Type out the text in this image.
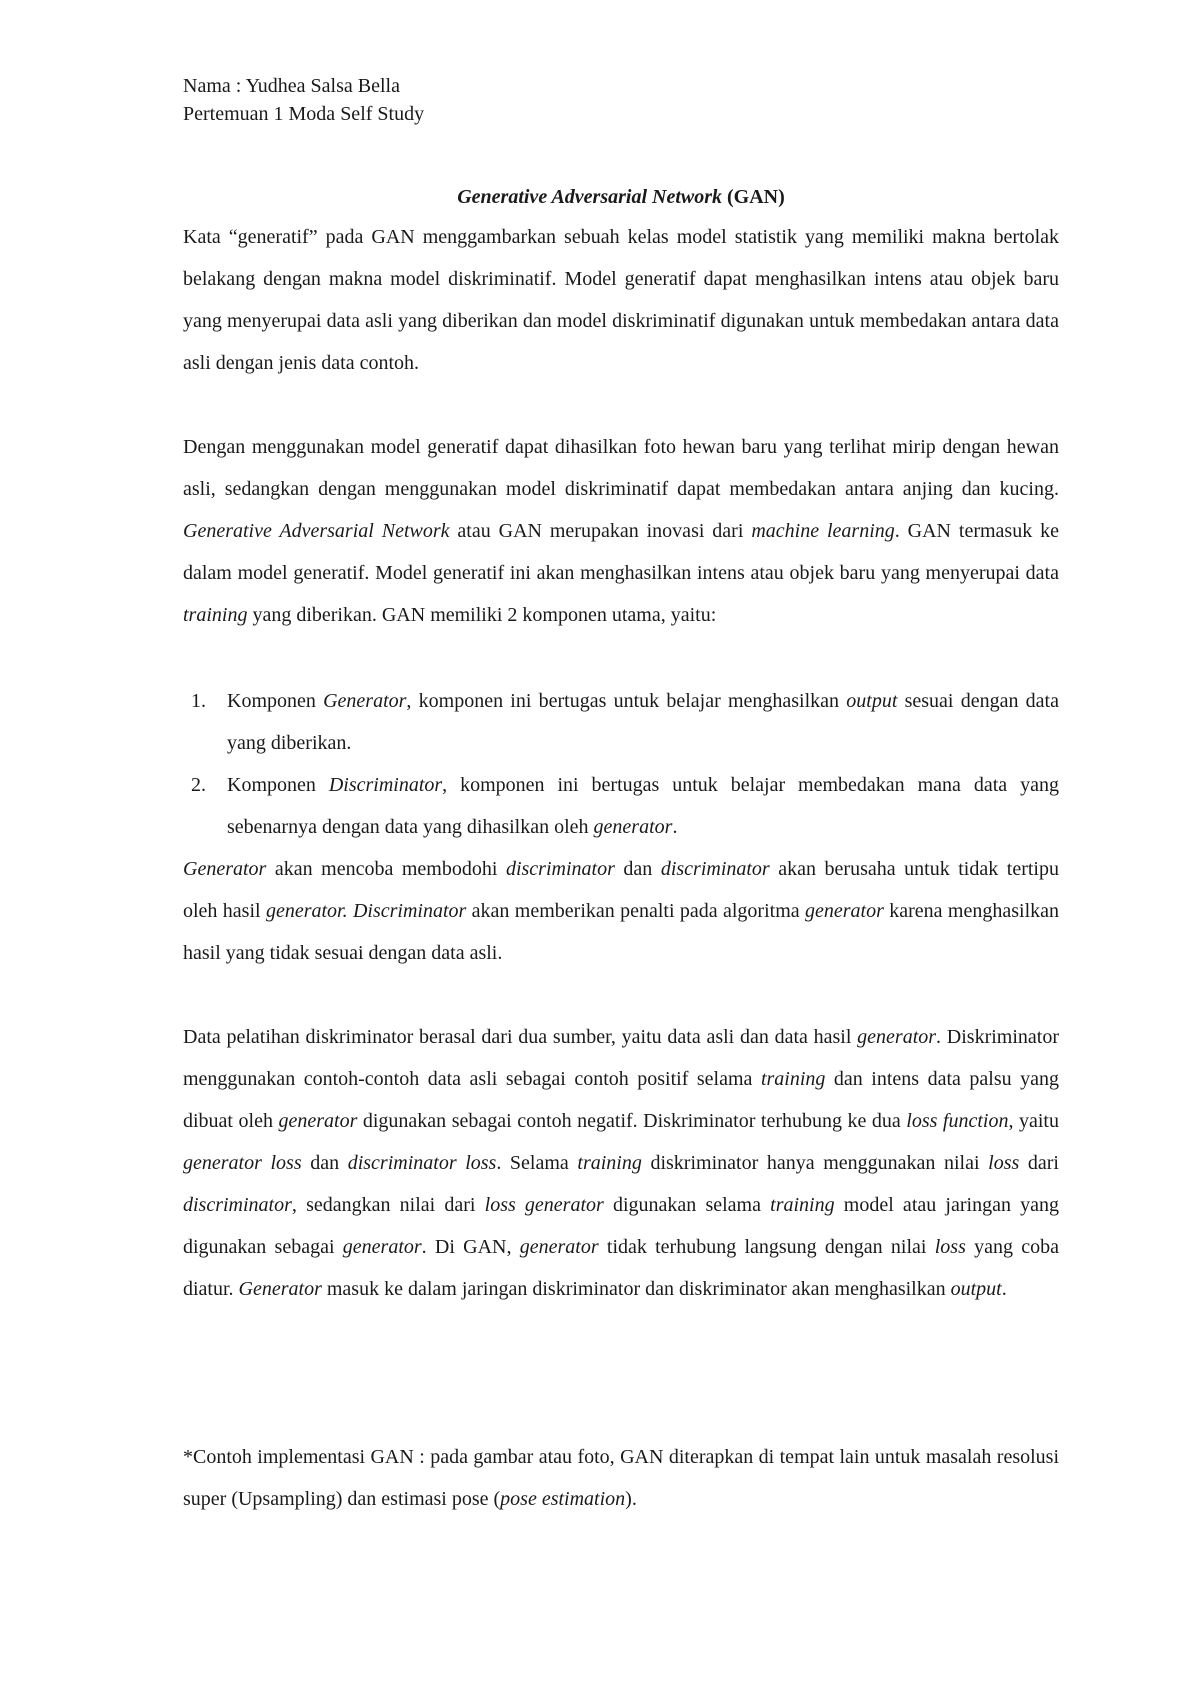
Nama : Yudhea Salsa Bella
Pertemuan 1 Moda Self Study
Generative Adversarial Network (GAN)

Kata “generatif” pada GAN menggambarkan sebuah kelas model statistik yang memiliki makna bertolak belakang dengan makna model diskriminatif. Model generatif dapat menghasilkan intens atau objek baru yang menyerupai data asli yang diberikan dan model diskriminatif digunakan untuk membedakan antara data asli dengan jenis data contoh.

Dengan menggunakan model generatif dapat dihasilkan foto hewan baru yang terlihat mirip dengan hewan asli, sedangkan dengan menggunakan model diskriminatif dapat membedakan antara anjing dan kucing. Generative Adversarial Network atau GAN merupakan inovasi dari machine learning. GAN termasuk ke dalam model generatif. Model generatif ini akan menghasilkan intens atau objek baru yang menyerupai data training yang diberikan. GAN memiliki 2 komponen utama, yaitu:

1. Komponen Generator, komponen ini bertugas untuk belajar menghasilkan output sesuai dengan data yang diberikan.
2. Komponen Discriminator, komponen ini bertugas untuk belajar membedakan mana data yang sebenarnya dengan data yang dihasilkan oleh generator.

Generator akan mencoba membodohi discriminator dan discriminator akan berusaha untuk tidak tertipu oleh hasil generator. Discriminator akan memberikan penalti pada algoritma generator karena menghasilkan hasil yang tidak sesuai dengan data asli.

Data pelatihan diskriminator berasal dari dua sumber, yaitu data asli dan data hasil generator. Diskriminator menggunakan contoh-contoh data asli sebagai contoh positif selama training dan intens data palsu yang dibuat oleh generator digunakan sebagai contoh negatif. Diskriminator terhubung ke dua loss function, yaitu generator loss dan discriminator loss. Selama training diskriminator hanya menggunakan nilai loss dari discriminator, sedangkan nilai dari loss generator digunakan selama training model atau jaringan yang digunakan sebagai generator. Di GAN, generator tidak terhubung langsung dengan nilai loss yang coba diatur. Generator masuk ke dalam jaringan diskriminator dan diskriminator akan menghasilkan output.

*Contoh implementasi GAN : pada gambar atau foto, GAN diterapkan di tempat lain untuk masalah resolusi super (Upsampling) dan estimasi pose (pose estimation).
